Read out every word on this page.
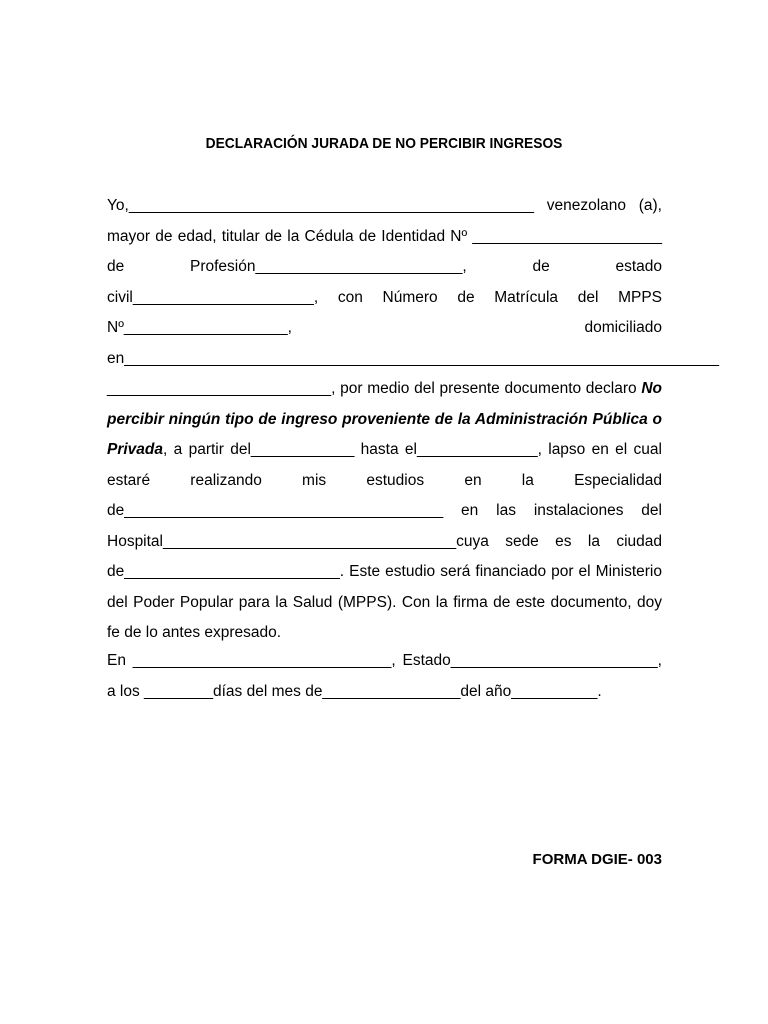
DECLARACIÓN JURADA DE NO PERCIBIR INGRESOS
Yo,_______________________________________________ venezolano (a), mayor de edad, titular de la Cédula de Identidad Nº ______________________ de Profesión________________________, de estado civil_____________________, con Número de Matrícula del MPPS Nº___________________, domiciliado en_____________________________________________________________________ __________________________, por medio del presente documento declaro No percibir ningún tipo de ingreso proveniente de la Administración Pública o Privada, a partir del____________ hasta el______________, lapso en el cual estaré realizando mis estudios en la Especialidad de_____________________________________ en las instalaciones del Hospital__________________________________cuya sede es la ciudad de_________________________. Este estudio será financiado por el Ministerio del Poder Popular para la Salud (MPPS). Con la firma de este documento, doy fe de lo antes expresado.
En ______________________________, Estado________________________, a los ________días del mes de________________del año__________.
FORMA DGIE- 003
